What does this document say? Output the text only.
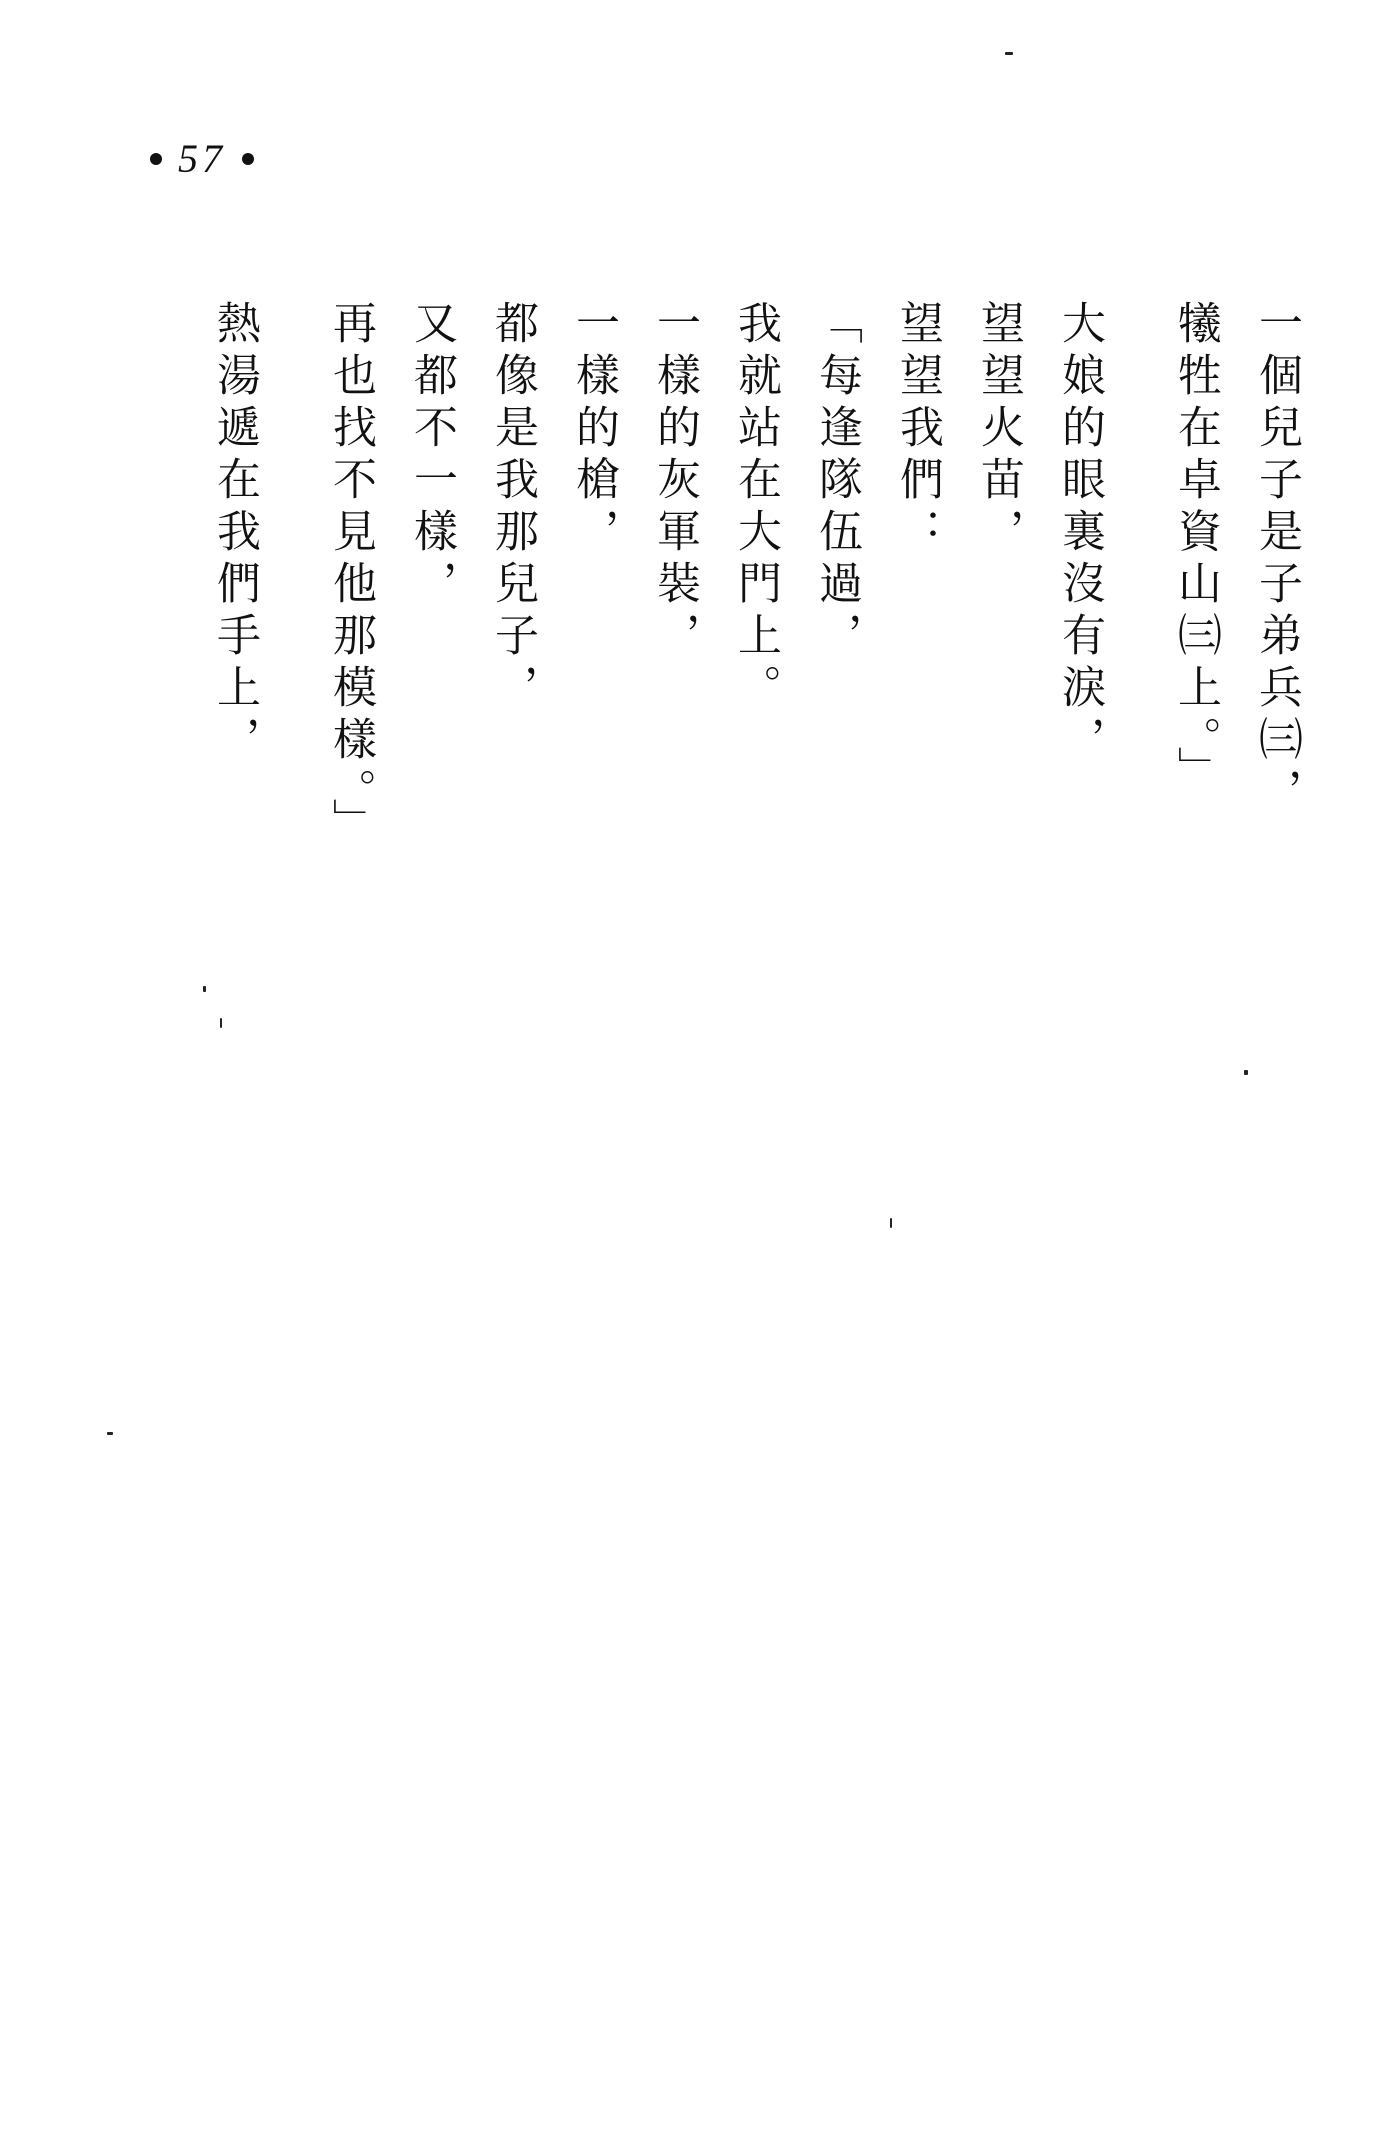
57
一個兒子是子弟兵㈢，
犧牲在卓資山㈢上。」
大娘的眼裏沒有淚，
望望火苗，
望望我們：
「每逢隊伍過，
我就站在大門上。
一樣的灰軍裝，
一樣的槍，
都像是我那兒子，
又都不一樣，
再也找不見他那模樣。」
熱湯遞在我們手上，
